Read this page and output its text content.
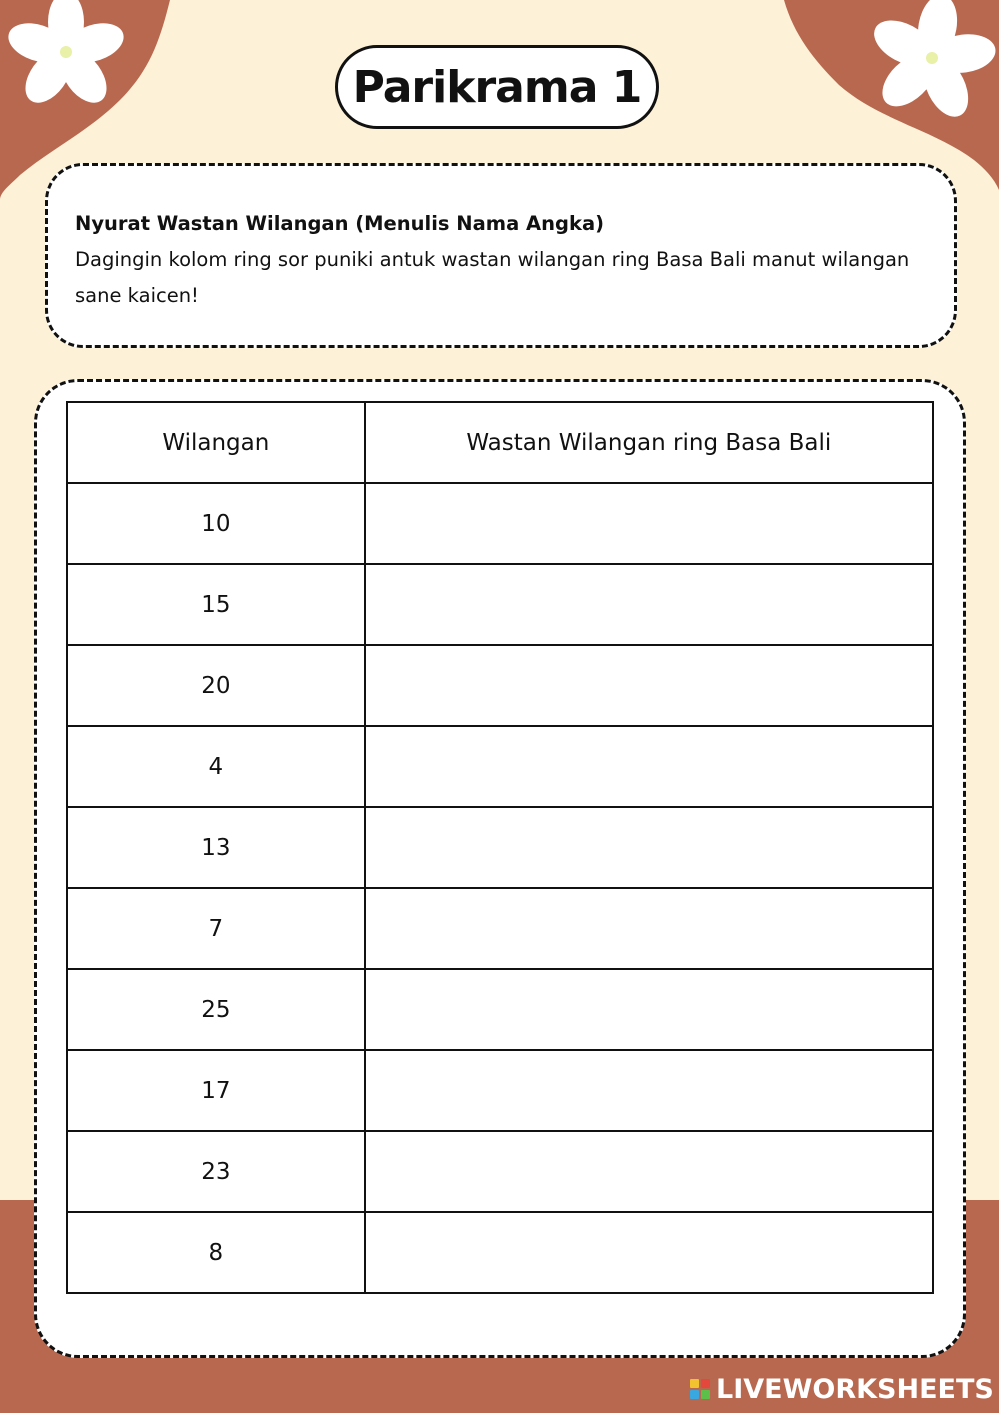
Parikrama 1
Nyurat Wastan Wilangan (Menulis Nama Angka)
Dagingin kolom ring sor puniki antuk wastan wilangan ring Basa Bali manut wilangan sane kaicen!
Wilangan	Wastan Wilangan ring Basa Bali
10	
15	
20	
4	
13	
7	
25	
17	
23	
8	
LIVEWORKSHEETS
